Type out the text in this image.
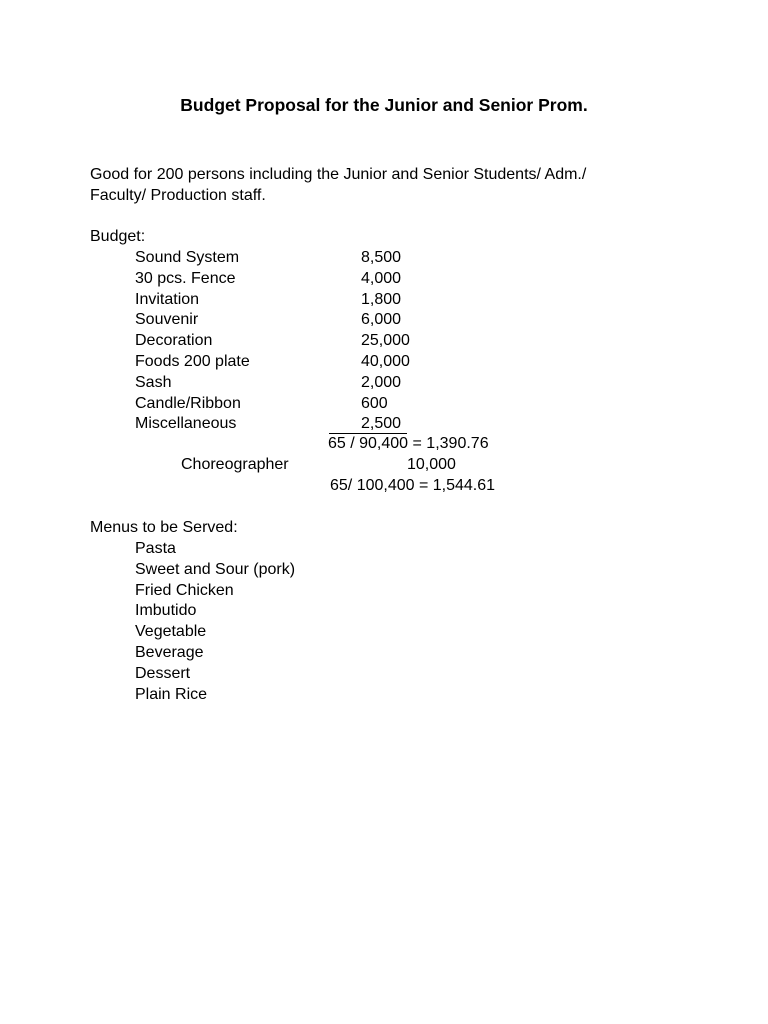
Budget Proposal for the Junior and Senior Prom.

Good for 200 persons including the Junior and Senior Students/ Adm./

Faculty/ Production staff.

Budget:
Sound System	8,500
30 pcs. Fence	4,000
Invitation	1,800
Souvenir	6,000
Decoration	25,000
Foods 200 plate	40,000
Sash	2,000
Candle/Ribbon	600
Miscellaneous	2,500
65 / 90,400 = 1,390.76
Choreographer	10,000
65/ 100,400 = 1,544.61
Menus to be Served:
Pasta
Sweet and Sour (pork)
Fried Chicken
Imbutido
Vegetable
Beverage
Dessert
Plain Rice
